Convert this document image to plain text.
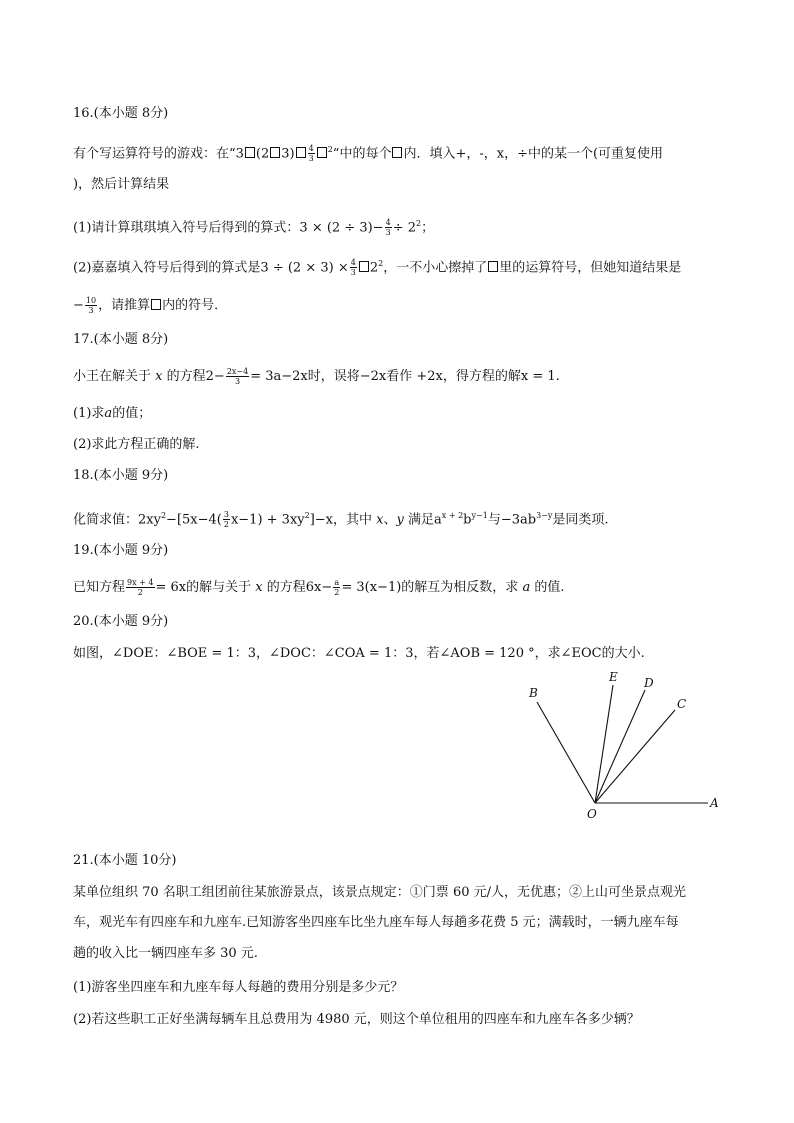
16.(本小题 8分)
有个写运算符号的游戏：在“3 (2 $3) \frac{4}{3}$ $^2$“中的每个 内．填入+，-，x，÷中的某一个(可重复使用
)，然后计算结果
(1)请计算琪琪填入符号后得到的算式：$3 \times (2 \div 3)- \frac{4}{3} \div 2^2$；
(2)嘉嘉填入符号后得到的算式是$3 \div (2 \times 3) \times \frac{4}{3} 2^2$，一不小心擦掉了 里的运算符号，但她知道结果是
− $\frac{10}{3}$ ，请推算 内的符号．
17.(本小题 8分)
小王在解关于 x 的方程$2- \frac{2x-4}{3} = 3a-2x$时，误将−2x看作 +2x，得方程的解x = 1.
(1)求a的值；
(2)求此方程正确的解.
18.(本小题 9分)
化简求值：$2xy^2-[5x-4( \frac{3}{2} x-1) + 3xy^2]-x$，其中 x、y 满足$a^{x + 2}b^{y-1}$与$-3ab^{3-y}$是同类项.
19.(本小题 9分)
已知方程 $\frac{9x + 4}{2} = 6x$的解与关于 x 的方程$6x- \frac{a}{2} = 3(x-1)$的解互为相反数，求 a 的值.
20.(本小题 9分)
如图，∠DOE：∠BOE = 1：3，∠DOC：∠COA = 1：3，若∠AOB = 120 °，求∠EOC的大小.
O
A
B
C
D
E
21.(本小题 10分)
某单位组织 70 名职工组团前往某旅游景点，该景点规定：①门票 60 元/人，无优惠；②上山可坐景点观光
车，观光车有四座车和九座车.已知游客坐四座车比坐九座车每人每趟多花费 5 元；满载时，一辆九座车每
趟的收入比一辆四座车多 30 元.
(1)游客坐四座车和九座车每人每趟的费用分别是多少元？
(2)若这些职工正好坐满每辆车且总费用为 4980 元，则这个单位租用的四座车和九座车各多少辆？
